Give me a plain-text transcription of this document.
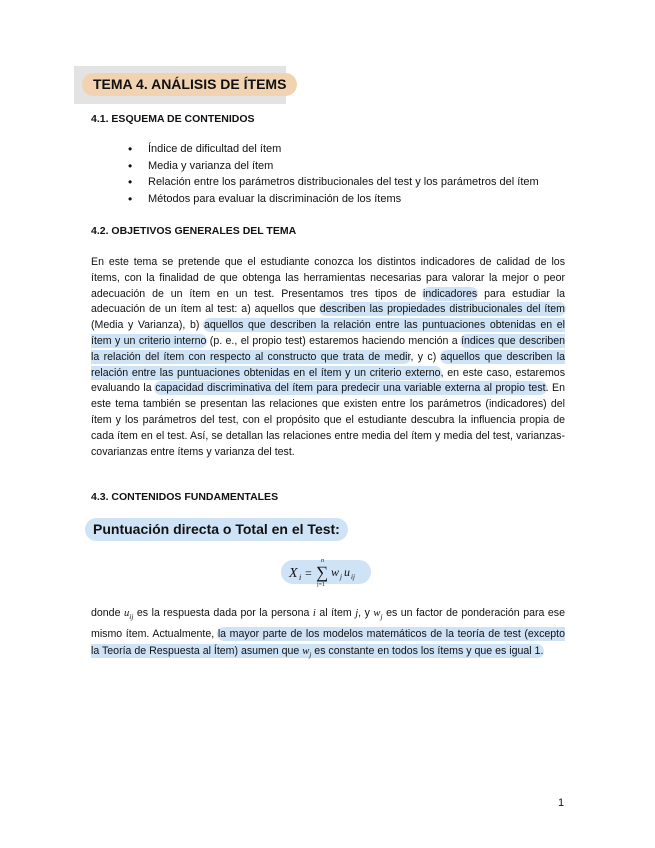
TEMA 4. ANÁLISIS DE ÍTEMS
4.1. ESQUEMA DE CONTENIDOS
• Índice de dificultad del ítem
• Media y varianza del ítem
• Relación entre los parámetros distribucionales del test y los parámetros del ítem
• Métodos para evaluar la discriminación de los ítems
4.2. OBJETIVOS GENERALES DEL TEMA

En este tema se pretende que el estudiante conozca los distintos indicadores de calidad de los ítems, con la finalidad de que obtenga las herramientas necesarias para valorar la mejor o peor adecuación de un ítem en un test. Presentamos tres tipos de indicadores para estudiar la adecuación de un ítem al test: a) aquellos que describen las propiedades distribucionales del ítem (Media y Varianza), b) aquellos que describen la relación entre las puntuaciones obtenidas en el ítem y un criterio interno (p. e., el propio test) estaremos haciendo mención a índices que describen la relación del ítem con respecto al constructo que trata de medir, y c) aquellos que describen la relación entre las puntuaciones obtenidas en el ítem y un criterio externo, en este caso, estaremos evaluando la capacidad discriminativa del ítem para predecir una variable externa al propio test. En este tema también se presentan las relaciones que existen entre los parámetros (indicadores) del ítem y los parámetros del test, con el propósito que el estudiante descubra la influencia propia de cada ítem en el test. Así, se detallan las relaciones entre media del ítem y media del test, varianzas-covarianzas entre ítems y varianza del test.

4.3. CONTENIDOS FUNDAMENTALES
Puntuación directa o Total en el Test:
X i = ∑
n
j=1
w j u ij

donde $u_{ij}$ es la respuesta dada por la persona i al ítem j, y $w_j$ es un factor de ponderación para ese mismo ítem. Actualmente, la mayor parte de los modelos matemáticos de la teoría de test (excepto la Teoría de Respuesta al Ítem) asumen que $w_j$ es constante en todos los ítems y que es igual 1.

1
